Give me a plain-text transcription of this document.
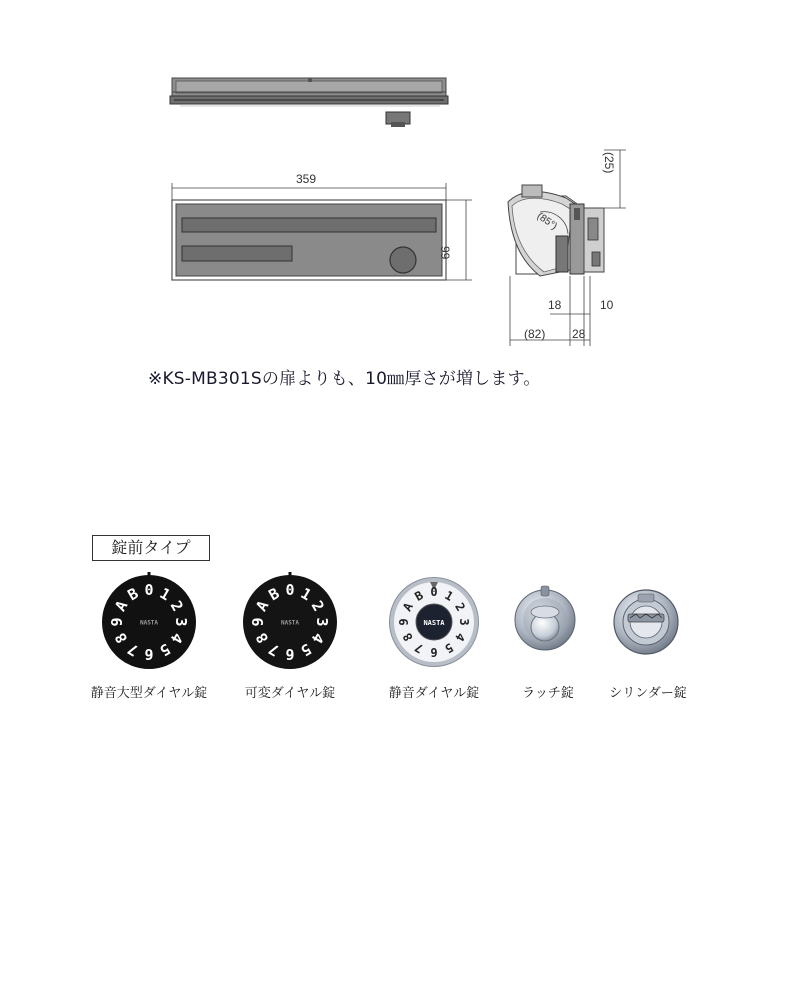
359
99
(25)
(85°)
18	10
(82) 28
※KS-MB301Sの扉よりも、10㎜厚さが増します。
錠前タイプ
0 1
2
3
4
5
6
7
8
9
A
B
NASTA
0 1
2
3
4
5
6
7
8
9
A
B
NASTA
0 1
2
3
4
5
6
7
8
9
A
B
NASTA
静音大型ダイヤル錠	可変ダイヤル錠	静音ダイヤル錠	ラッチ錠	シリンダー錠
